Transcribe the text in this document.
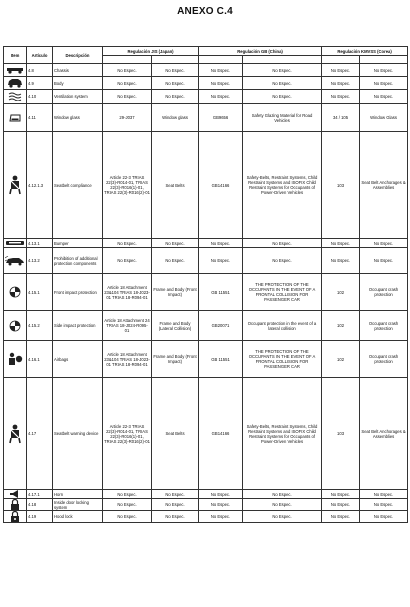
ANEXO C.4
Item	Artículo	Descripción	Regulación JIS (Japan)		Regulación GB (China)		Regulación KMVSS (Corea)	

	4.8	Chassis	No Espec.	No Espec.	No Espec.	No Espec.	No Espec.	No Espec.

	4.9	Body	No Espec.	No Espec.	No Espec.	No Espec.	No Espec.	No Espec.

	4.10	Ventilation system	No Espec.	No Espec.	No Espec.	No Espec.	No Espec.	No Espec.

	4.11	Window glass	29-J037	Window glass	GB9656	Safety Glazing Material for Road Vehicles	34 / 105	Window Glass

	4.12.1.3	Seatbelt compliance	Article 22-3 TRIAS 22(3)-R014-01, TRIAS 22(3)-R016(1)-01, TRIAS 22(3)-R016(2)-01	Seat Belts	GB14166	Safety-Belts, Restraint Systems, Child Restraint Systems and ISOFIX Child Restraint Systems for Occupants of Power-Driven Vehicles	103	Seat Belt Anchorages & Assemblies

	4.13.1	Bumper	No Espec.	No Espec.	No Espec.	No Espec.	No Espec.	No Espec.

	4.13.2	Prohibition of additional protection components	No Espec.	No Espec.	No Espec.	No Espec.	No Espec.	No Espec.

	4.15.1	Front impact protection	Article 18 Attachment 23&104 TRIAS 18-J023-01 TRIAS 18-R094-01	Frame and Body (Front Impact)	GB 11551	THE PROTECTION OF THE OCCUPANTS IN THE EVENT OF A FRONTAL COLLISION FOR PASSENGER CAR	102	Occupant crash protection

	4.15.2	Side impact protection	Article 18 Attachment 24 TRIAS 18-J024-R095-01	Frame and Body (Lateral Collision)	GB20071	Occupant protection in the event of a lateral collision	102	Occupant crash protection

	4.16.1	Airbags	Article 18 Attachment 23&104 TRIAS 18-J023-01 TRIAS 18-R094-01	Frame and Body (Front Impact)	GB 11551	THE PROTECTION OF THE OCCUPANTS IN THE EVENT OF A FRONTAL COLLISION FOR PASSENGER CAR	102	Occupant crash protection

	4.17	Seatbelt warning device	Article 22-3 TRIAS 22(3)-R014-01, TRIAS 22(3)-R016(1)-01, TRIAS 22(3)-R016(2)-01	Seat Belts	GB14166	Safety-Belts, Restraint Systems, Child Restraint Systems and ISOFIX Child Restraint Systems for Occupants of Power-Driven Vehicles	103	Seat Belt Anchorages & Assemblies

	4.17.1	Horn	No Espec.	No Espec.	No Espec.	No Espec.	No Espec.	No Espec.

	4.18	Inside door locking system	No Espec.	No Espec.	No Espec.	No Espec.	No Espec.	No Espec.

	4.19	Hood lock	No Espec.	No Espec.	No Espec.	No Espec.	No Espec.	No Espec.
